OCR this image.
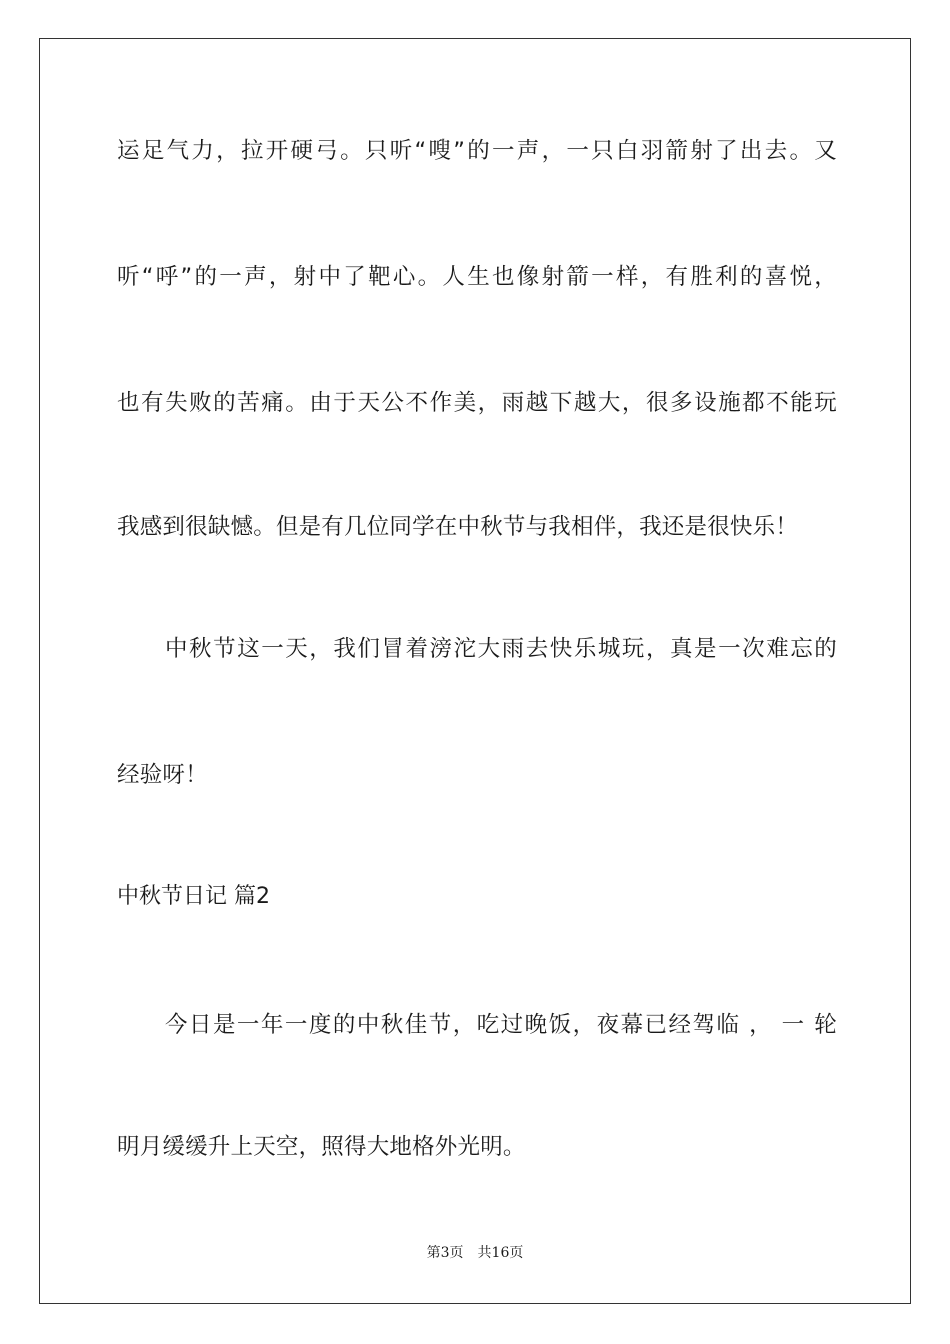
运足气力，拉开硬弓。只听“嗖”的一声，一只白羽箭射了出去。又
听“呼”的一声，射中了靶心。人生也像射箭一样，有胜利的喜悦，
也有失败的苦痛。由于天公不作美，雨越下越大，很多设施都不能玩
我感到很缺憾。但是有几位同学在中秋节与我相伴，我还是很快乐！
中秋节这一天，我们冒着滂沱大雨去快乐城玩，真是一次难忘的
经验呀！
中秋节日记 篇2
今日是一年一度的中秋佳节，吃过晚饭，夜幕已经驾临 ， 一 轮
明月缓缓升上天空，照得大地格外光明。
第3页 共16页
